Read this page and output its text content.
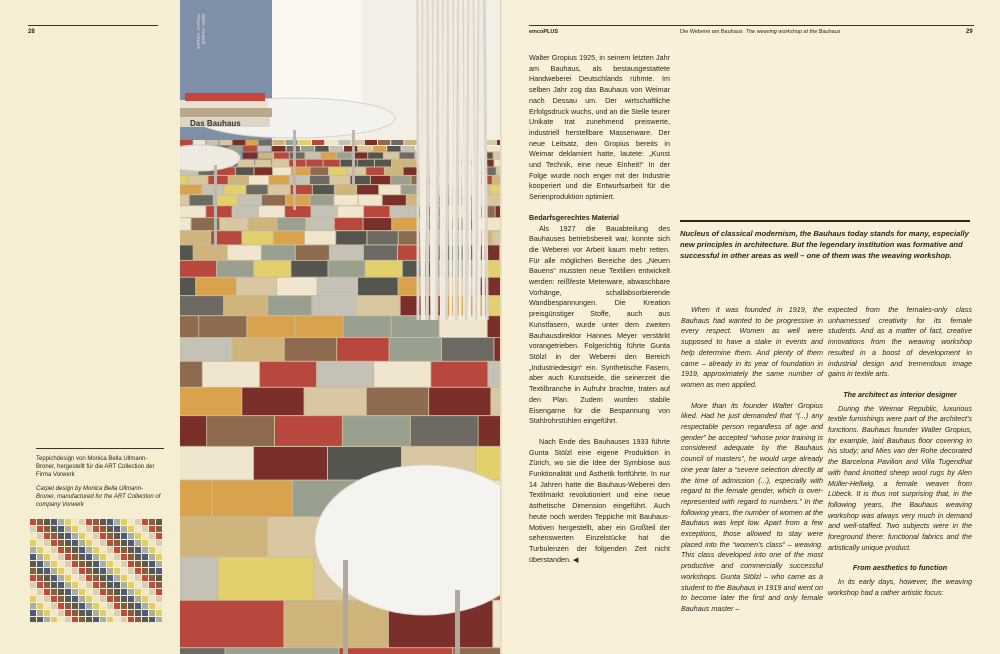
28
Das Bauhaus
Bilder: Vorwerk
Pictures: Vorwerk

Teppichdesign von Monica Bella Ullmann-Broner, hergestellt für die ART Collection der Firma Vorwerk

Carpet design by Monica Bella Ullmann-Broner, manufactured for the ART Collection of company Vorwerk

emcoPLUS	Die Weberei am Bauhaus The weaving workshop at the Bauhaus	29

Walter Gropius 1925, in seinem letzten Jahr am Bauhaus, als bestausgestattete Handweberei Deutschlands rühmte. Im selben Jahr zog das Bauhaus von Weimar nach Dessau um. Der wirtschaftliche Erfolgsdruck wuchs, und an die Stelle teurer Unikate trat zunehmend preiswerte, industriell herstellbare Massenware. Der neue Leitsatz, den Gropius bereits in Weimar deklamiert hatte, lautete: „Kunst und Technik, eine neue Einheit!“ In der Folge wurde noch enger mit der Industrie kooperiert und die Entwurfsarbeit für die Serienproduktion optimiert.

Bedarfsgerechtes Material

Als 1927 die Bauabteilung des Bauhauses betriebsbereit war, konnte sich die Weberei vor Arbeit kaum mehr retten. Für alle möglichen Bereiche des „Neuen Bauens“ mussten neue Textilien entwickelt werden: reißfeste Meterware, abwaschbare Vorhänge, schallabsorbierende Wandbespannungen. Die Kreation preisgünstiger Stoffe, auch aus Kunstfasern, wurde unter dem zweiten Bauhausdirektor Hannes Meyer verstärkt vorangetrieben. Folgerichtig führte Gunta Stölzl in der Weberei den Bereich „Industriedesign“ ein. Synthetische Fasern, aber auch Kunstseide, die seinerzeit die Textilbranche in Aufruhr brachte, traten auf den Plan. Zudem wurden stabile Eisengarne für die Bespannung von Stahlrohrstühlen eingeführt.

Nach Ende des Bauhauses 1933 führte Gunta Stölzl eine eigene Produktion in Zürich, wo sie die Idee der Symbiose aus Funktionalität und Ästhetik fortführte. In nur 14 Jahren hatte die Bauhaus-Weberei den Textilmarkt revolutioniert und eine neue ästhetische Dimension eingeführt. Auch heute noch werden Teppiche mit Bauhaus-Motiven hergestellt, aber ein Großteil der sehenswerten Einzelstücke hat die Turbulenzen der folgenden Zeit nicht überstanden. ◀

Nucleus of classical modernism, the Bauhaus today stands for many, especially new principles in architecture. But the legendary institution was formative and successful in other areas as well – one of them was the weaving workshop.

When it was founded in 1919, the Bauhaus had wanted to be progressive in every respect. Women as well were supposed to have a stake in events and help determine them. And plenty of them came – already in its year of foundation in 1919, approximately the same number of women as men applied.

More than its founder Walter Gropius liked. Had he just demanded that “(...) any respectable person regardless of age and gender” be accepted “whose prior training is considered adequate by the Bauhaus council of masters”, he would urge already one year later a “severe selection directly at the time of admission (...), especially with regard to the female gender, which is over-represented with regard to numbers.” In the following years, the number of women at the Bauhaus was kept low. Apart from a few exceptions, those allowed to stay were placed into the “women’s class” – weaving. This class developed into one of the most productive and commercially successful workshops. Gunta Stölzl – who came as a student to the Bauhaus in 1919 and went on to become later the first and only female Bauhaus master –

expected from the females-only class unharnessed creativity for its female students. And as a matter of fact, creative innovations from the weaving workshop resulted in a boost of development in industrial design and tremendous image gains in textile arts.

The architect as interior designer

During the Weimar Republic, luxurious textile furnishings were part of the architect’s functions. Bauhaus founder Walter Gropius, for example, laid Bauhaus floor covering in his study; and Mies van der Rohe decorated the Barcelona Pavilion and Villa Tugendhat with hand knotted sheep wool rugs by Alen Müller-Hellwig, a female weaver from Lübeck. It is thus not surprising that, in the following years, the Bauhaus weaving workshop was always very much in demand and well-staffed. Two subjects were in the foreground there: functional fabrics and the artistically unique product.

From aesthetics to function

In its early days, however, the weaving workshop had a rather artistic focus:
